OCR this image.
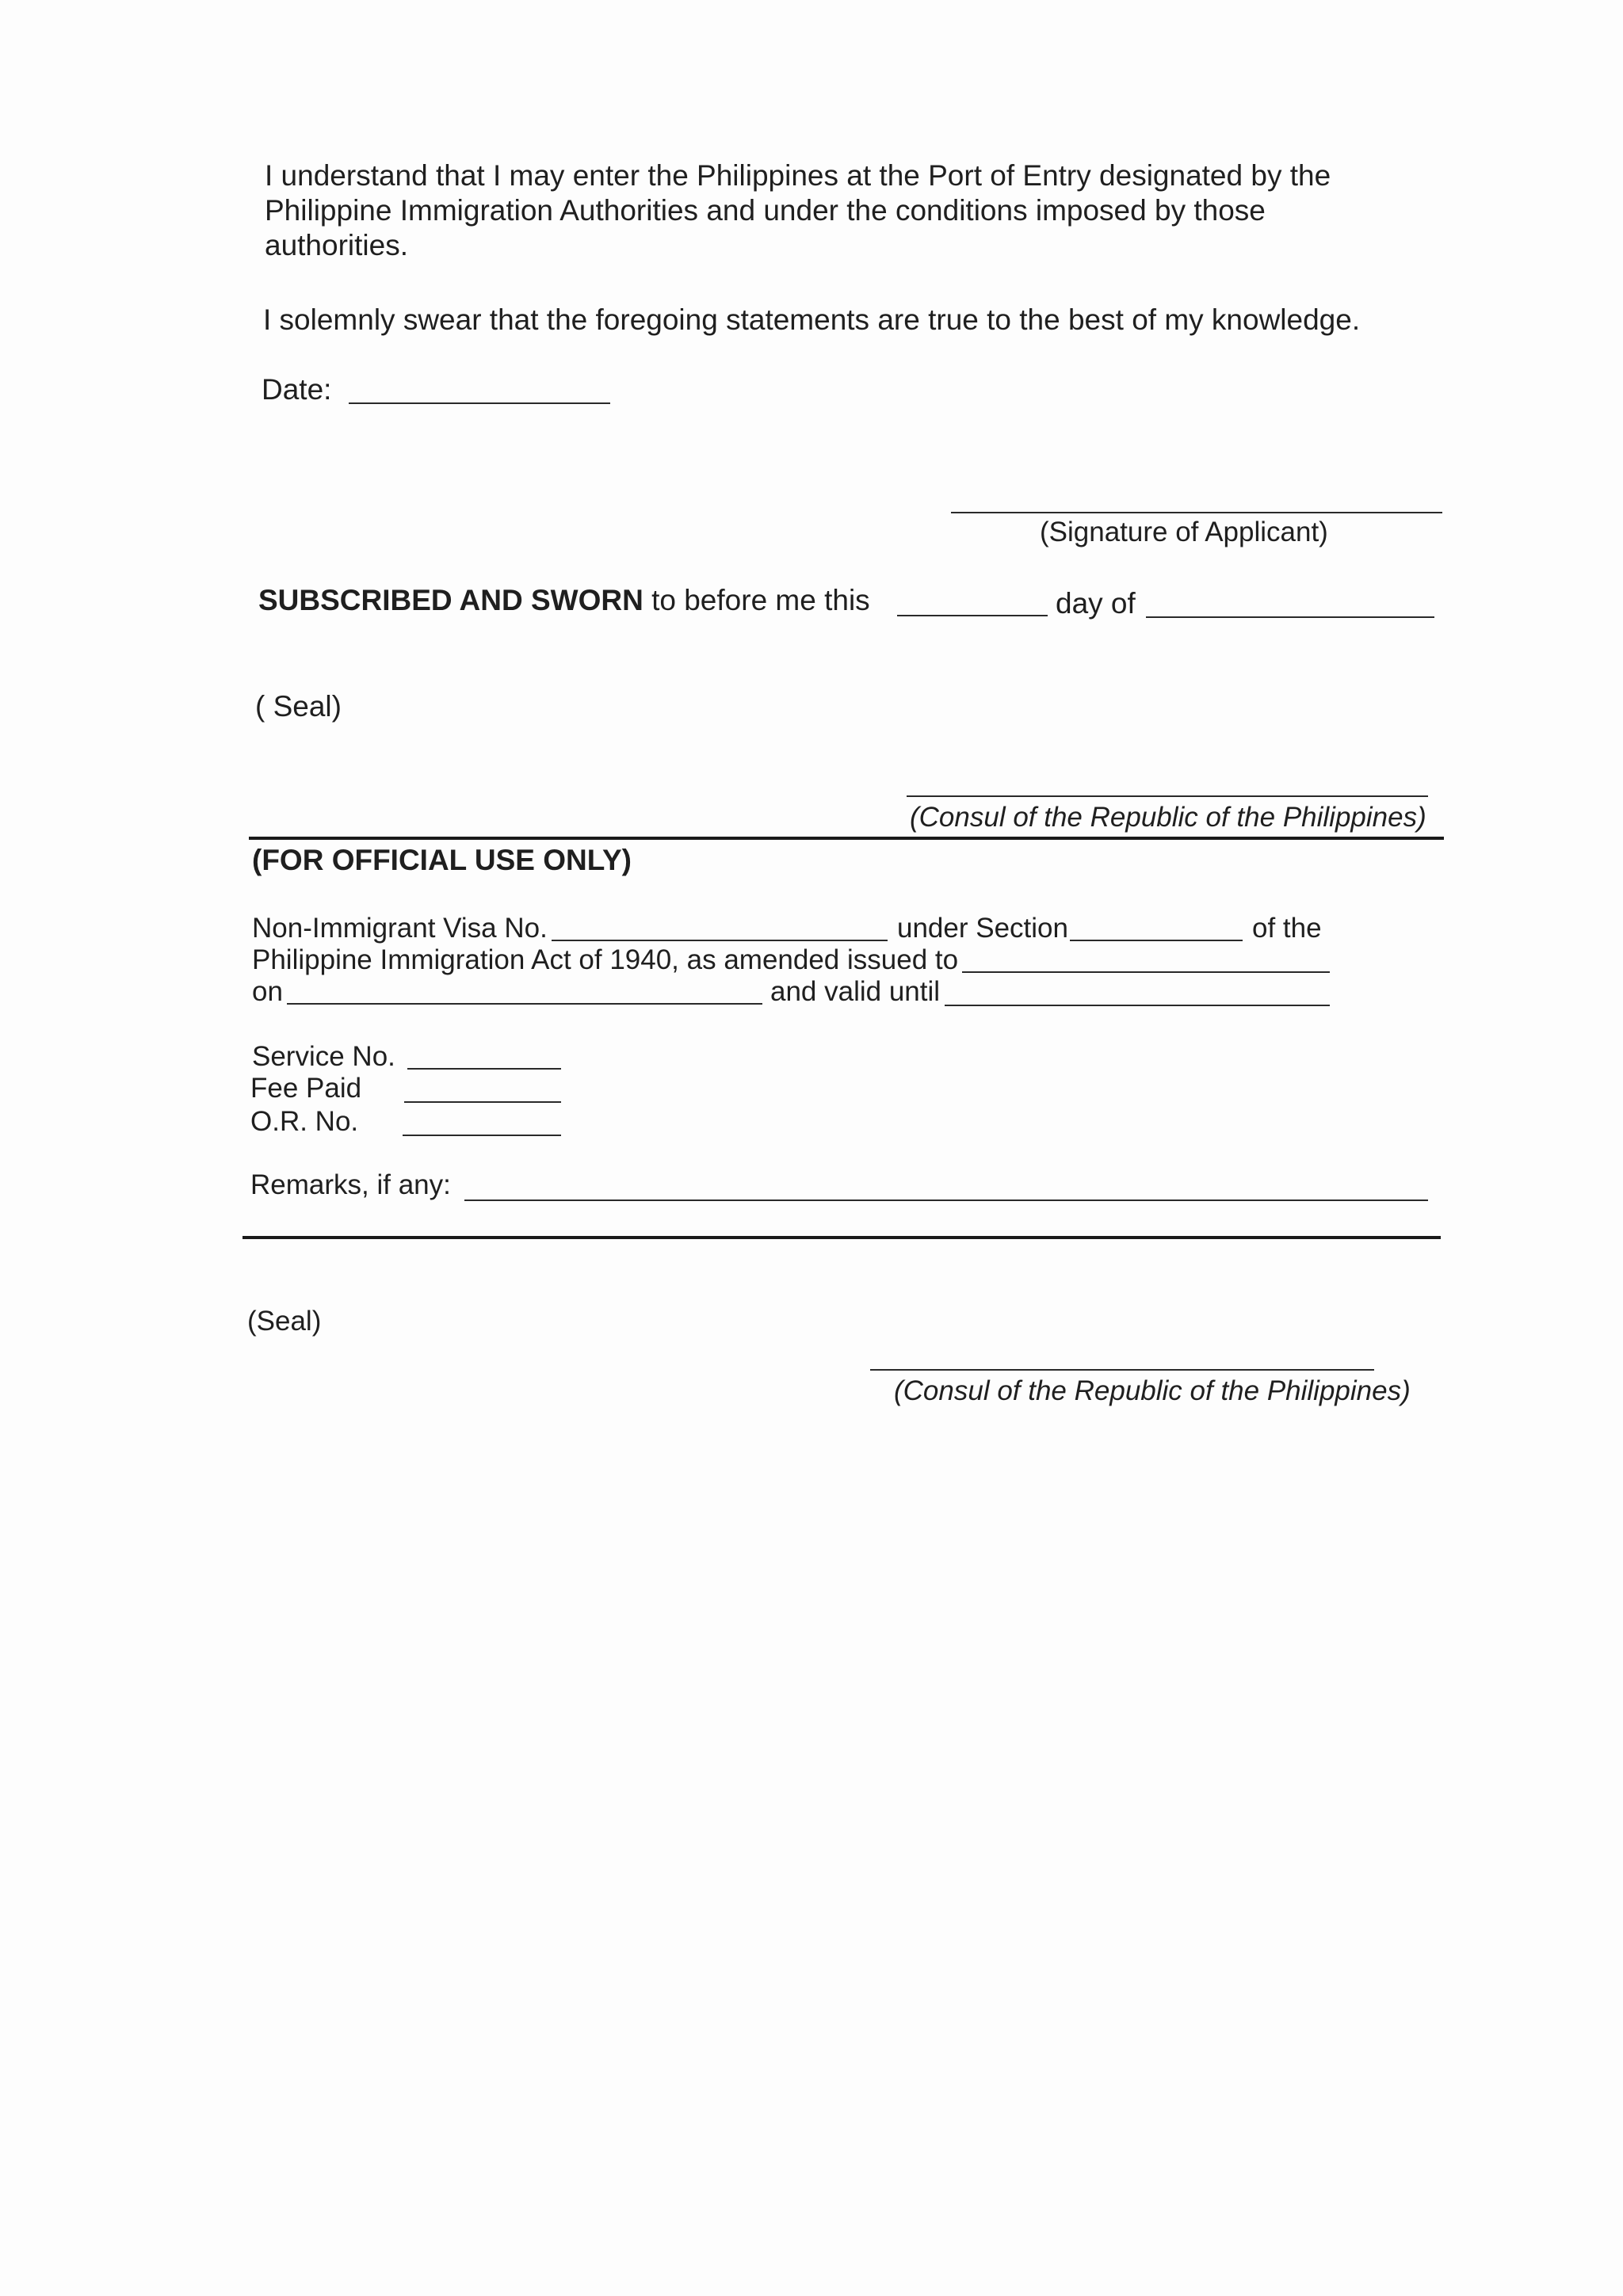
I understand that I may enter the Philippines at the Port of Entry designated by the
Philippine Immigration Authorities and under the conditions imposed by those
authorities.
I solemnly swear that the foregoing statements are true to the best of my knowledge.
Date:
(Signature of Applicant)
SUBSCRIBED AND SWORN to before me this	day of
( Seal)
(Consul of the Republic of the Philippines)
(FOR OFFICIAL USE ONLY)
Non-Immigrant Visa No.	under Section	of the
Philippine Immigration Act of 1940, as amended issued to
on	and valid until
Service No.
Fee Paid
O.R. No.
Remarks, if any:
(Seal)
(Consul of the Republic of the Philippines)
